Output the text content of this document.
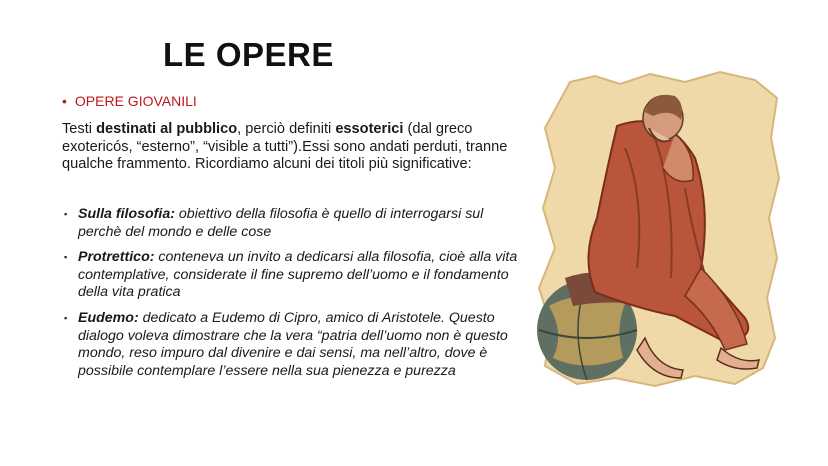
LE OPERE
• OPERE GIOVANILI
Testi destinati al pubblico, perciò definiti essoterici (dal greco exotericós, “esterno”, “visible a tutti”).Essi sono andati perduti, tranne qualche frammento. Ricordiamo alcuni dei titoli più significative:
▪ Sulla filosofia: obiettivo della filosofia è quello di interrogarsi sul perchè del mondo e delle cose
▪ Protrettico: conteneva un invito a dedicarsi alla filosofia, cioè alla vita contemplative, considerate il fine supremo dell’uomo e il fondamento della vita pratica
▪ Eudemo: dedicato a Eudemo di Cipro, amico di Aristotele. Questo dialogo voleva dimostrare che la vera “patria dell’uomo non è questo mondo, reso impuro dal divenire e dai sensi, ma nell’altro, dove è possibile contemplare l’essere nella sua pienezza e purezza
